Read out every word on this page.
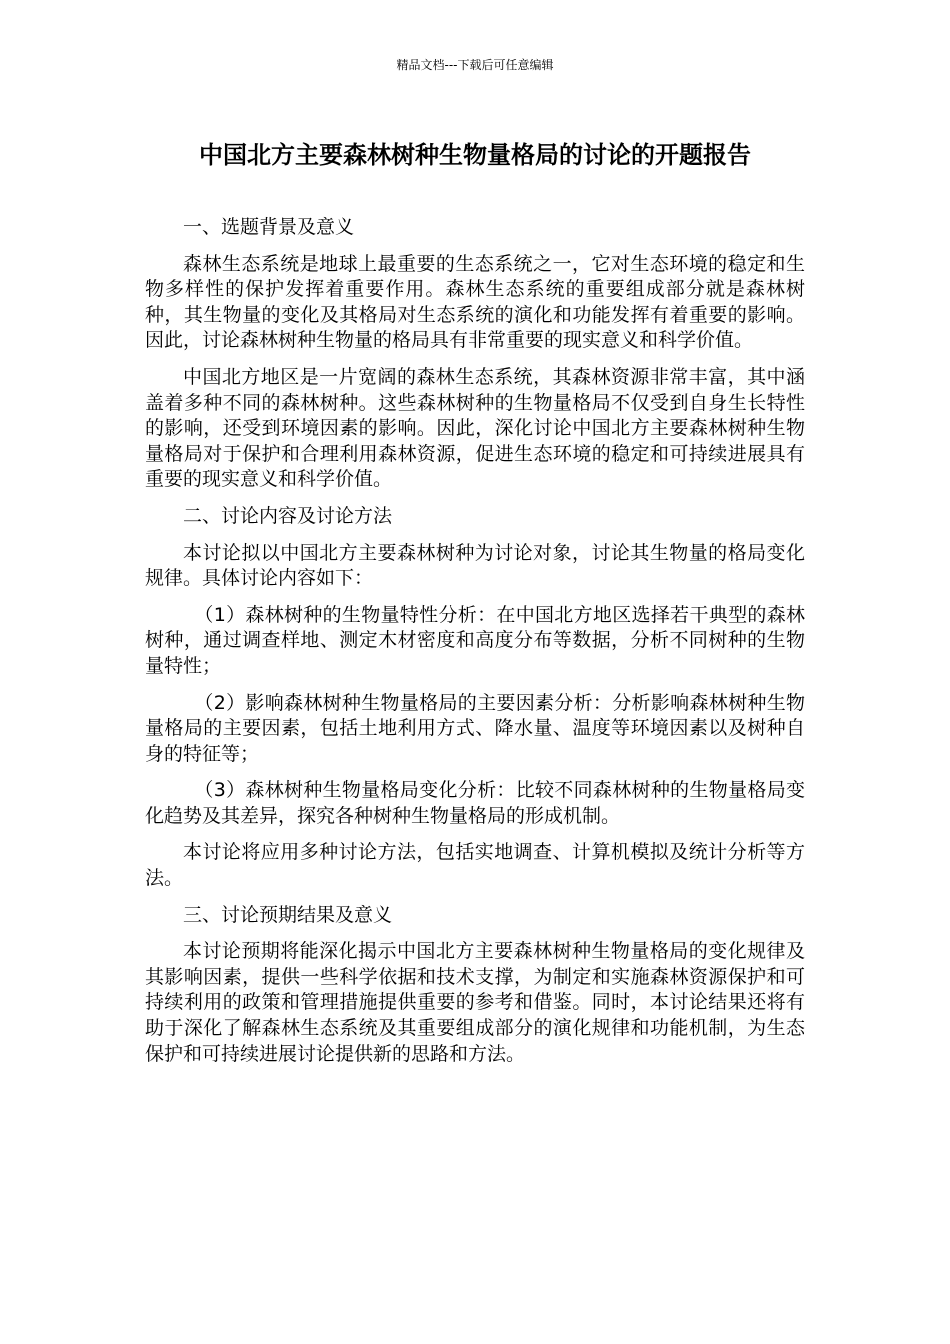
精品文档---下载后可任意编辑
中国北方主要森林树种生物量格局的讨论的开题报告

一、选题背景及意义

森林生态系统是地球上最重要的生态系统之一，它对生态环境的稳定和生物多样性的保护发挥着重要作用。森林生态系统的重要组成部分就是森林树种，其生物量的变化及其格局对生态系统的演化和功能发挥有着重要的影响。因此，讨论森林树种生物量的格局具有非常重要的现实意义和科学价值。

中国北方地区是一片宽阔的森林生态系统，其森林资源非常丰富，其中涵盖着多种不同的森林树种。这些森林树种的生物量格局不仅受到自身生长特性的影响，还受到环境因素的影响。因此，深化讨论中国北方主要森林树种生物量格局对于保护和合理利用森林资源，促进生态环境的稳定和可持续进展具有重要的现实意义和科学价值。

二、讨论内容及讨论方法

本讨论拟以中国北方主要森林树种为讨论对象，讨论其生物量的格局变化规律。具体讨论内容如下：

（1）森林树种的生物量特性分析：在中国北方地区选择若干典型的森林树种，通过调查样地、测定木材密度和高度分布等数据，分析不同树种的生物量特性；

（2）影响森林树种生物量格局的主要因素分析：分析影响森林树种生物量格局的主要因素，包括土地利用方式、降水量、温度等环境因素以及树种自身的特征等；

（3）森林树种生物量格局变化分析：比较不同森林树种的生物量格局变化趋势及其差异，探究各种树种生物量格局的形成机制。

本讨论将应用多种讨论方法，包括实地调查、计算机模拟及统计分析等方法。

三、讨论预期结果及意义

本讨论预期将能深化揭示中国北方主要森林树种生物量格局的变化规律及其影响因素，提供一些科学依据和技术支撑，为制定和实施森林资源保护和可持续利用的政策和管理措施提供重要的参考和借鉴。同时，本讨论结果还将有助于深化了解森林生态系统及其重要组成部分的演化规律和功能机制，为生态保护和可持续进展讨论提供新的思路和方法。
